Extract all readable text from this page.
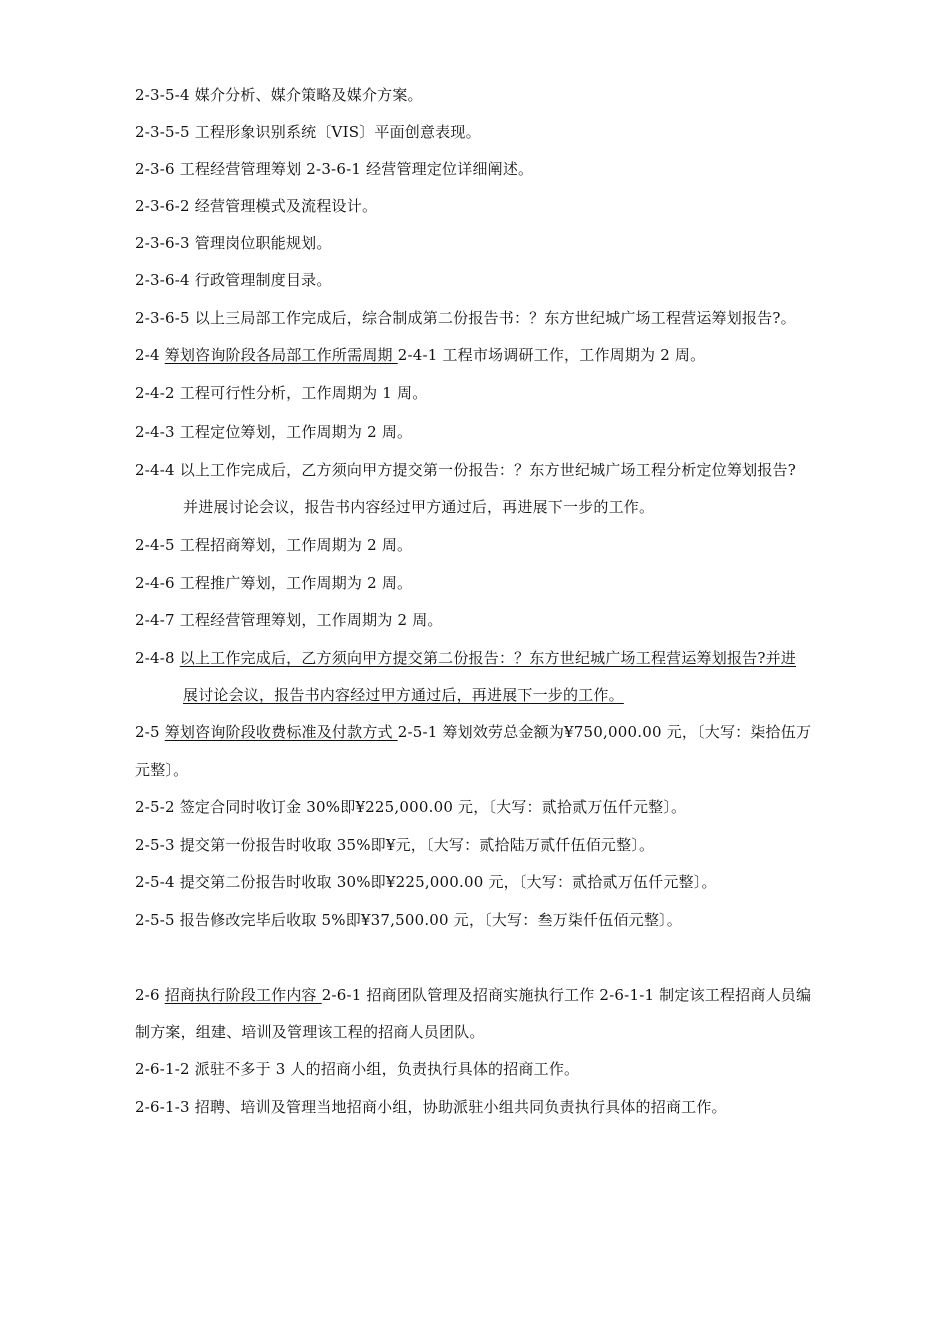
2-3-5-4 媒介分析、媒介策略及媒介方案。
2-3-5-5 工程形象识别系统〔VIS〕平面创意表现。
2-3-6 工程经营管理筹划 2-3-6-1 经营管理定位详细阐述。
2-3-6-2 经营管理模式及流程设计。
2-3-6-3 管理岗位职能规划。
2-3-6-4 行政管理制度目录。
2-3-6-5 以上三局部工作完成后，综合制成第二份报告书：？东方世纪城广场工程营运筹划报告?。
2-4 筹划咨询阶段各局部工作所需周期 2-4-1 工程市场调研工作，工作周期为 2 周。
2-4-2 工程可行性分析，工作周期为 1 周。
2-4-3 工程定位筹划，工作周期为 2 周。
2-4-4 以上工作完成后，乙方须向甲方提交第一份报告：？东方世纪城广场工程分析定位筹划报告?
并进展讨论会议，报告书内容经过甲方通过后，再进展下一步的工作。
2-4-5 工程招商筹划，工作周期为 2 周。
2-4-6 工程推广筹划，工作周期为 2 周。
2-4-7 工程经营管理筹划，工作周期为 2 周。
2-4-8 以上工作完成后，乙方须向甲方提交第二份报告：？东方世纪城广场工程营运筹划报告?并进
展讨论会议，报告书内容经过甲方通过后，再进展下一步的工作。
2-5 筹划咨询阶段收费标准及付款方式 2-5-1 筹划效劳总金额为¥750,000.00 元，〔大写：柒拾伍万
元整〕。
2-5-2 签定合同时收订金 30%即¥225,000.00 元，〔大写：贰拾贰万伍仟元整〕。
2-5-3 提交第一份报告时收取 35%即¥元，〔大写：贰拾陆万贰仟伍佰元整〕。
2-5-4 提交第二份报告时收取 30%即¥225,000.00 元，〔大写：贰拾贰万伍仟元整〕。
2-5-5 报告修改完毕后收取 5%即¥37,500.00 元，〔大写：叁万柒仟伍佰元整〕。
2-6 招商执行阶段工作内容 2-6-1 招商团队管理及招商实施执行工作 2-6-1-1 制定该工程招商人员编
制方案，组建、培训及管理该工程的招商人员团队。
2-6-1-2 派驻不多于 3 人的招商小组，负责执行具体的招商工作。
2-6-1-3 招聘、培训及管理当地招商小组，协助派驻小组共同负责执行具体的招商工作。
